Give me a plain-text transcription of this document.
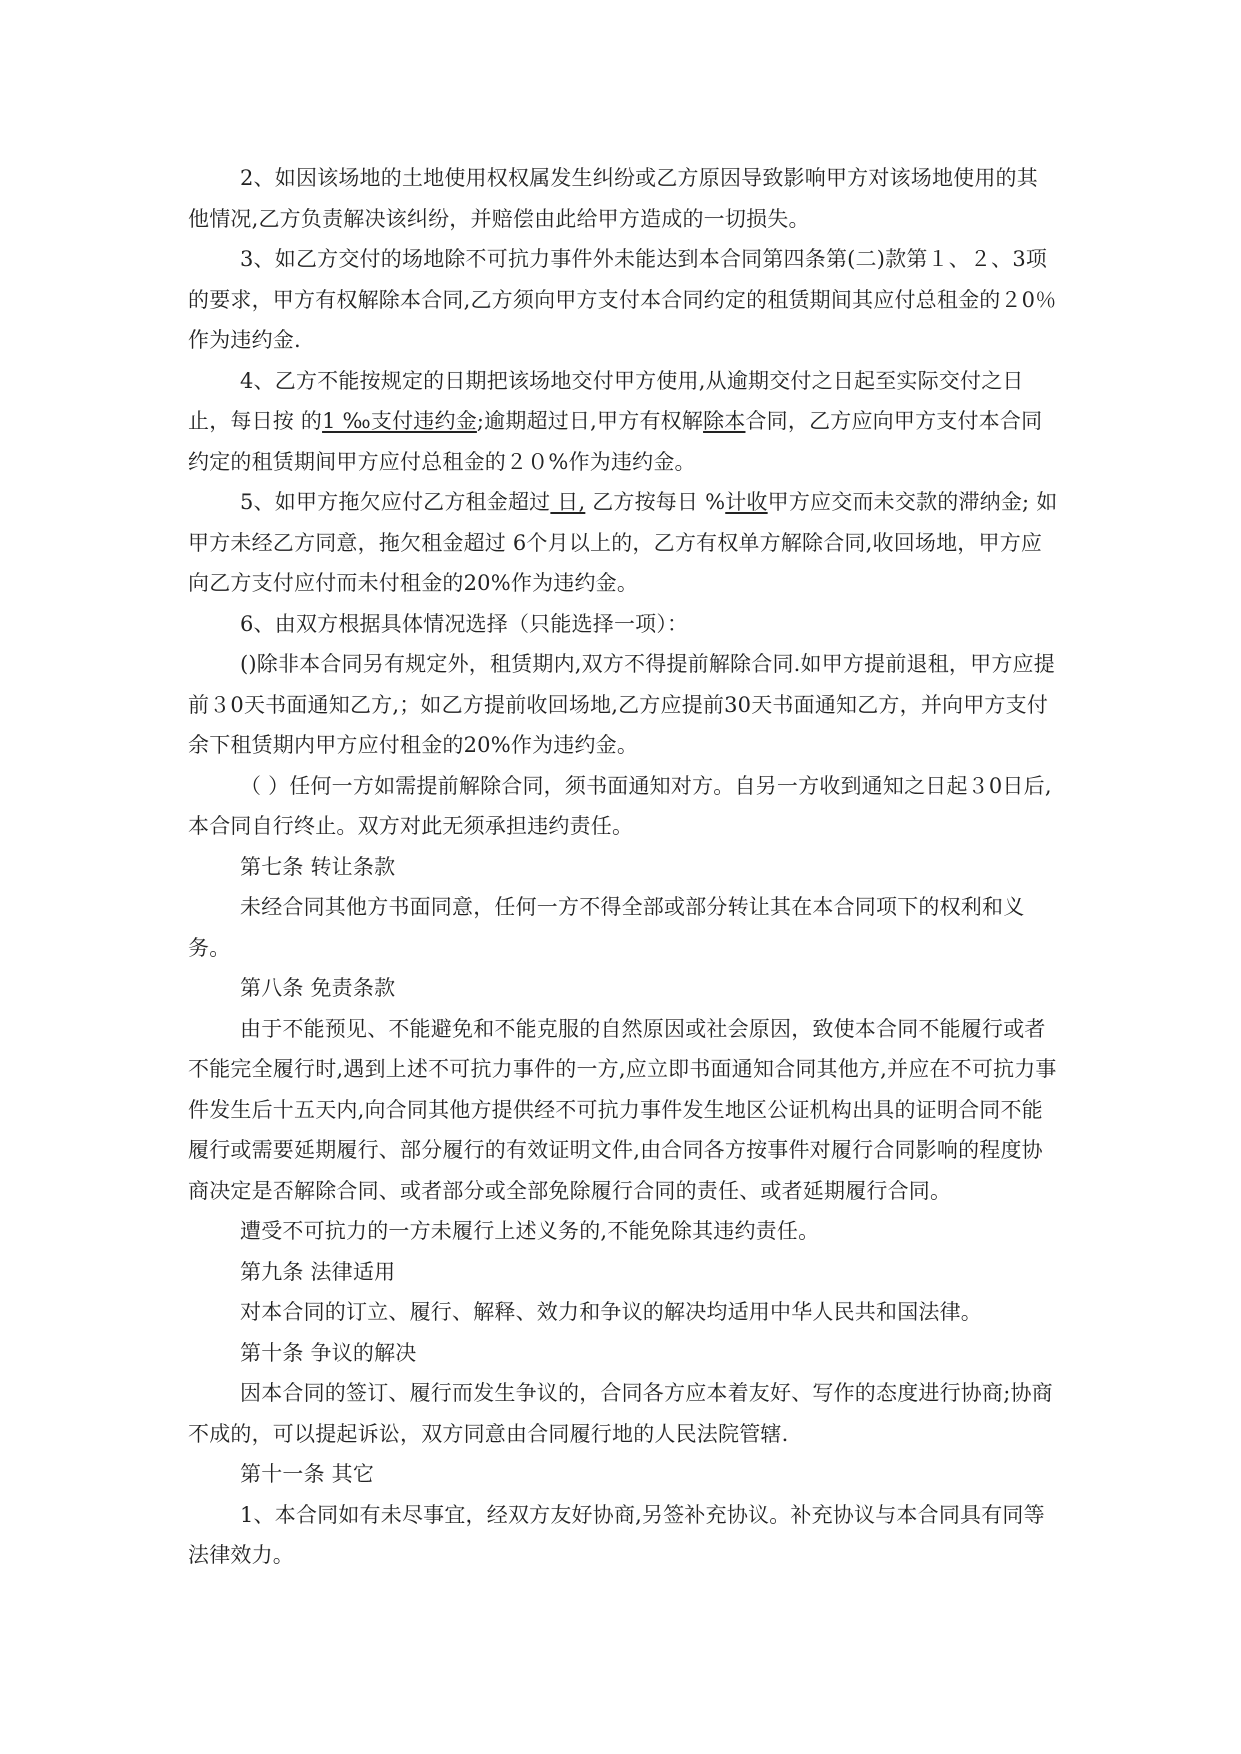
2、如因该场地的土地使用权权属发生纠纷或乙方原因导致影响甲方对该场地使用的其他情况,乙方负责解决该纠纷，并赔偿由此给甲方造成的一切损失。

3、如乙方交付的场地除不可抗力事件外未能达到本合同第四条第(二)款第１、２、3项的要求，甲方有权解除本合同,乙方须向甲方支付本合同约定的租赁期间其应付总租金的２0％作为违约金.

4、乙方不能按规定的日期把该场地交付甲方使用,从逾期交付之日起至实际交付之日止，每日按 的1 ‰支付违约金;逾期超过日,甲方有权解除本合同，乙方应向甲方支付本合同约定的租赁期间甲方应付总租金的２０%作为违约金。

5、如甲方拖欠应付乙方租金超过 日, 乙方按每日 %计收甲方应交而未交款的滞纳金; 如甲方未经乙方同意，拖欠租金超过 6个月以上的，乙方有权单方解除合同,收回场地，甲方应向乙方支付应付而未付租金的20%作为违约金。

6、由双方根据具体情况选择（只能选择一项）：

()除非本合同另有规定外，租赁期内,双方不得提前解除合同.如甲方提前退租，甲方应提前３0天书面通知乙方,；如乙方提前收回场地,乙方应提前30天书面通知乙方，并向甲方支付余下租赁期内甲方应付租金的20%作为违约金。

（ ）任何一方如需提前解除合同，须书面通知对方。自另一方收到通知之日起３0日后,本合同自行终止。双方对此无须承担违约责任。

第七条 转让条款

未经合同其他方书面同意，任何一方不得全部或部分转让其在本合同项下的权利和义务。

第八条 免责条款

由于不能预见、不能避免和不能克服的自然原因或社会原因，致使本合同不能履行或者不能完全履行时,遇到上述不可抗力事件的一方,应立即书面通知合同其他方,并应在不可抗力事件发生后十五天内,向合同其他方提供经不可抗力事件发生地区公证机构出具的证明合同不能履行或需要延期履行、部分履行的有效证明文件,由合同各方按事件对履行合同影响的程度协商决定是否解除合同、或者部分或全部免除履行合同的责任、或者延期履行合同。

遭受不可抗力的一方未履行上述义务的,不能免除其违约责任。

第九条 法律适用

对本合同的订立、履行、解释、效力和争议的解决均适用中华人民共和国法律。

第十条 争议的解决

因本合同的签订、履行而发生争议的，合同各方应本着友好、写作的态度进行协商;协商不成的，可以提起诉讼，双方同意由合同履行地的人民法院管辖.

第十一条 其它

1、本合同如有未尽事宜，经双方友好协商,另签补充协议。补充协议与本合同具有同等法律效力。
